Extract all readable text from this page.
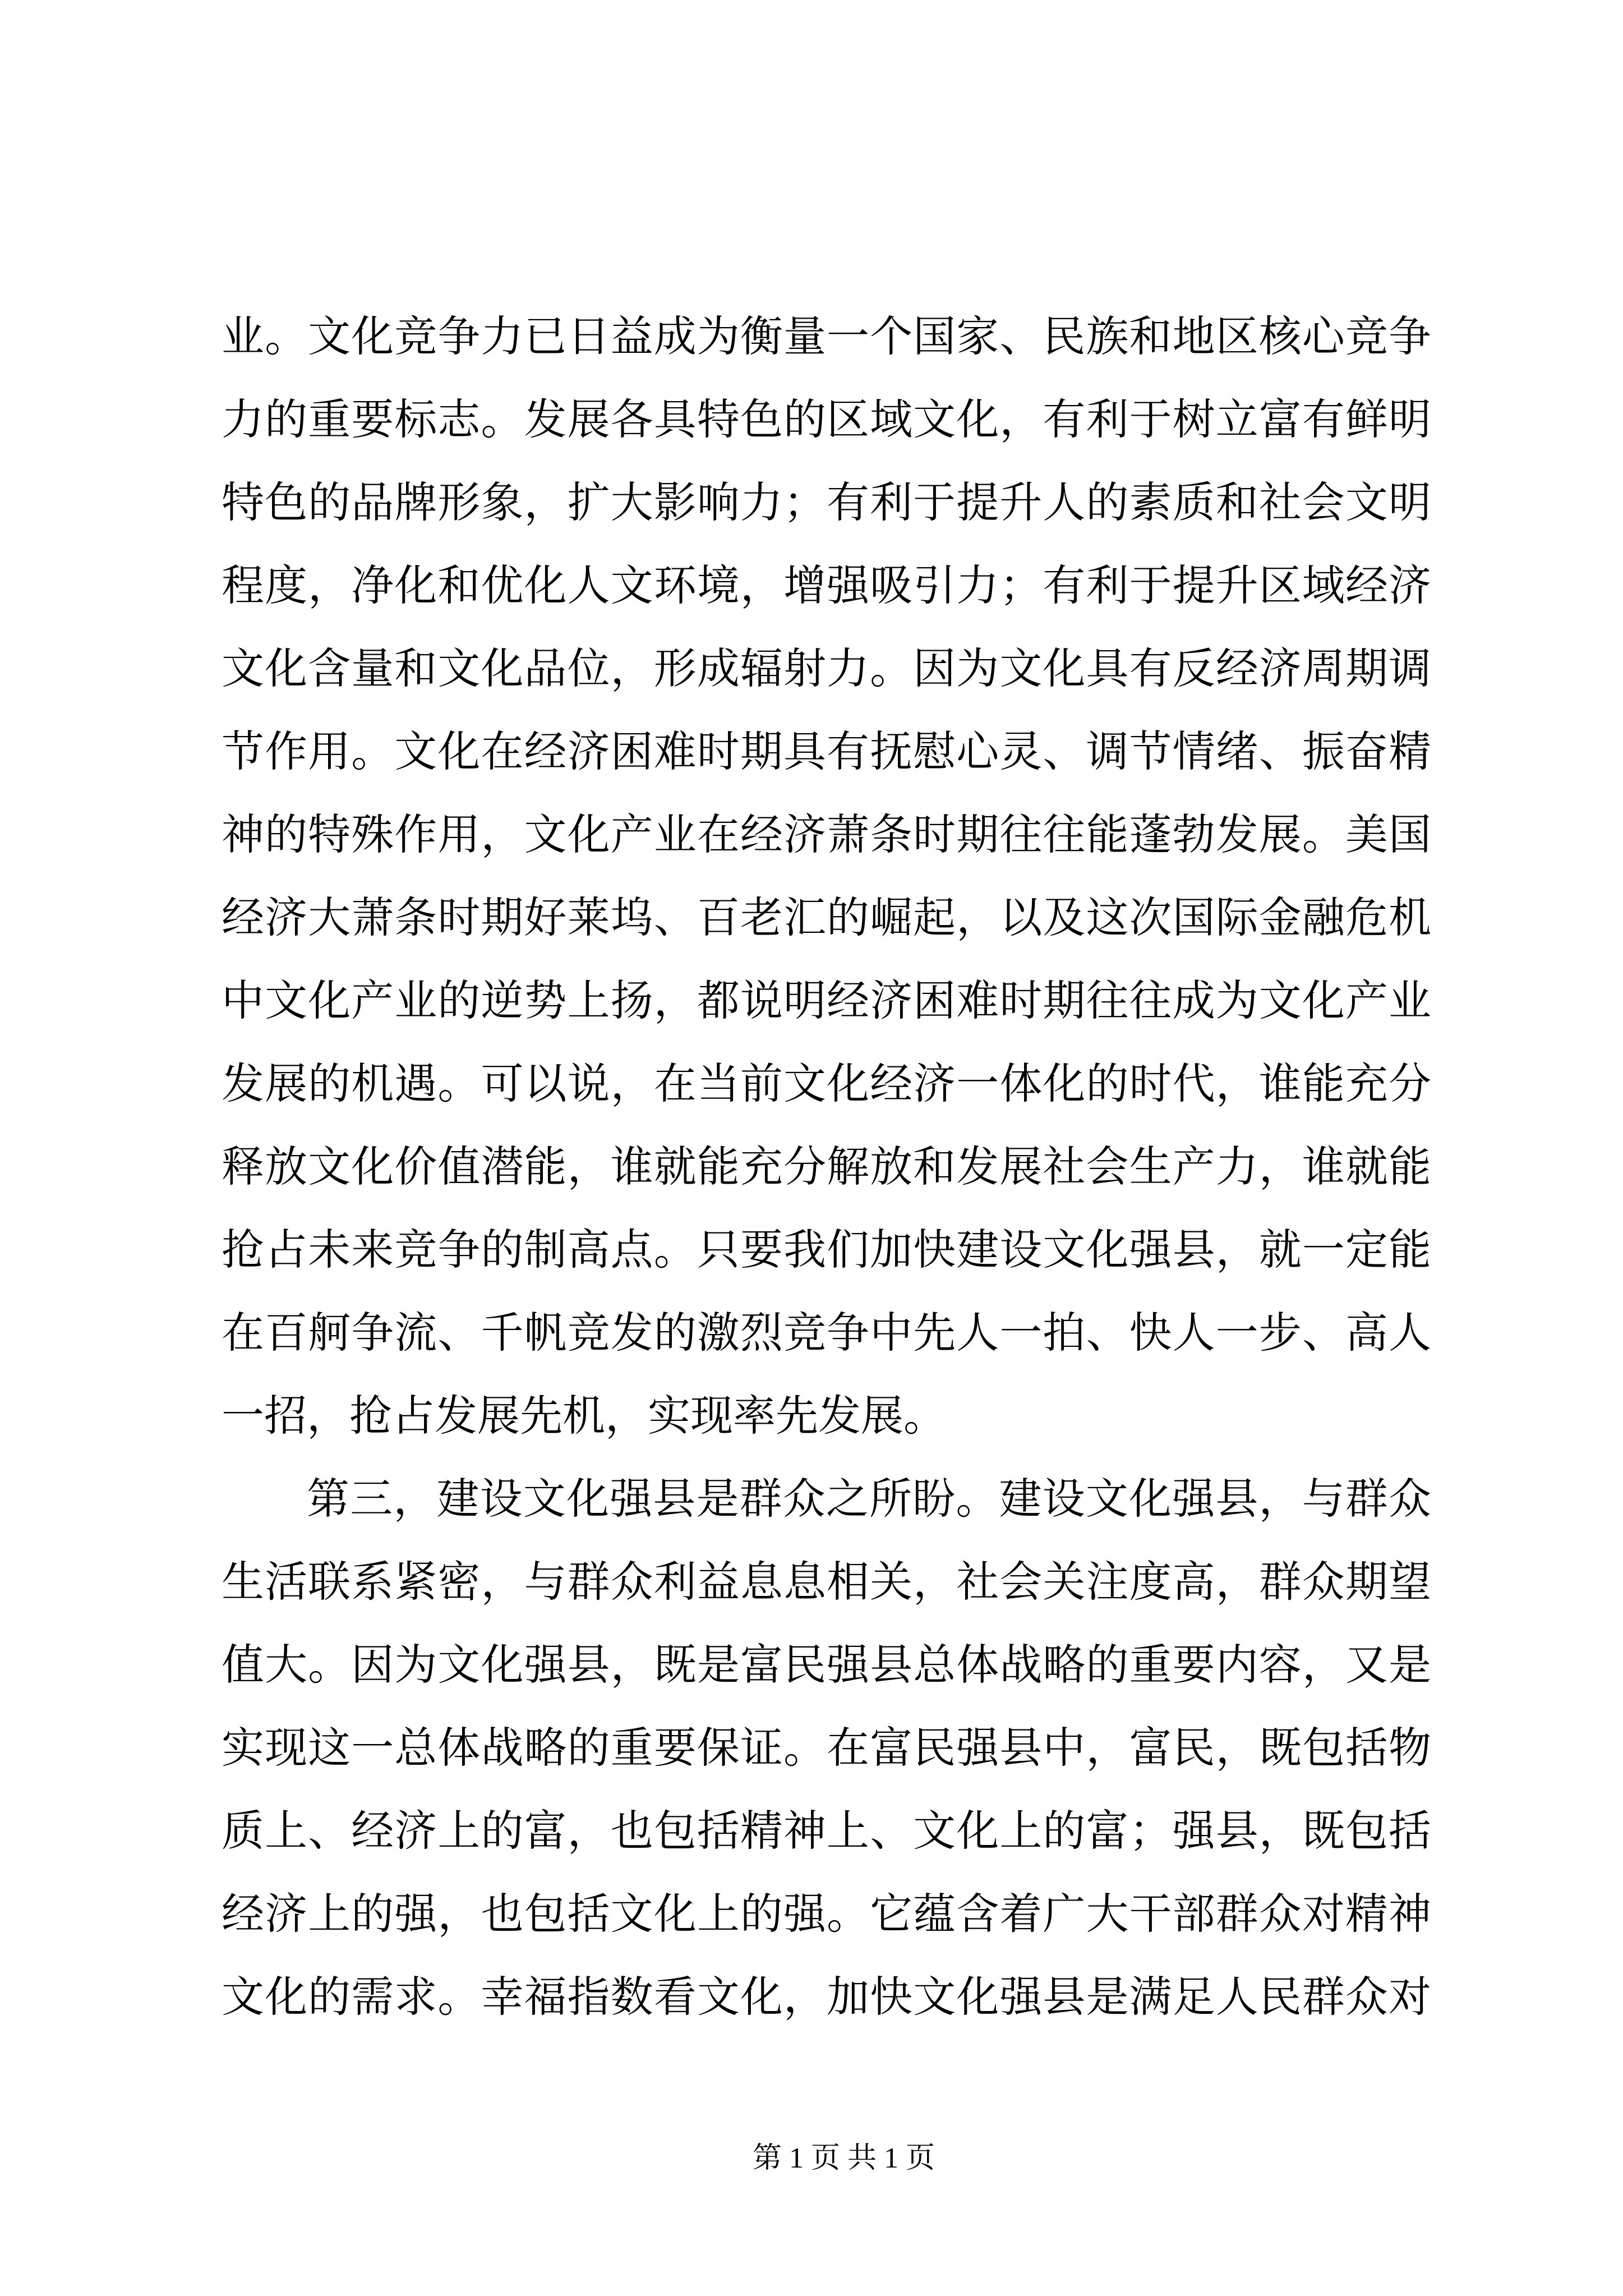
业。文化竞争力已日益成为衡量一个国家、民族和地区核心竞争
力的重要标志。发展各具特色的区域文化，有利于树立富有鲜明
特色的品牌形象，扩大影响力；有利于提升人的素质和社会文明
程度，净化和优化人文环境，增强吸引力；有利于提升区域经济
文化含量和文化品位，形成辐射力。因为文化具有反经济周期调
节作用。文化在经济困难时期具有抚慰心灵、调节情绪、振奋精
神的特殊作用，文化产业在经济萧条时期往往能蓬勃发展。美国
经济大萧条时期好莱坞、百老汇的崛起，以及这次国际金融危机
中文化产业的逆势上扬，都说明经济困难时期往往成为文化产业
发展的机遇。可以说，在当前文化经济一体化的时代，谁能充分
释放文化价值潜能，谁就能充分解放和发展社会生产力，谁就能
抢占未来竞争的制高点。只要我们加快建设文化强县，就一定能
在百舸争流、千帆竞发的激烈竞争中先人一拍、快人一步、高人
一招，抢占发展先机，实现率先发展。
第三，建设文化强县是群众之所盼。建设文化强县，与群众
生活联系紧密，与群众利益息息相关，社会关注度高，群众期望
值大。因为文化强县，既是富民强县总体战略的重要内容，又是
实现这一总体战略的重要保证。在富民强县中，富民，既包括物
质上、经济上的富，也包括精神上、文化上的富；强县，既包括
经济上的强，也包括文化上的强。它蕴含着广大干部群众对精神
文化的需求。幸福指数看文化，加快文化强县是满足人民群众对
第 1 页 共 1 页
